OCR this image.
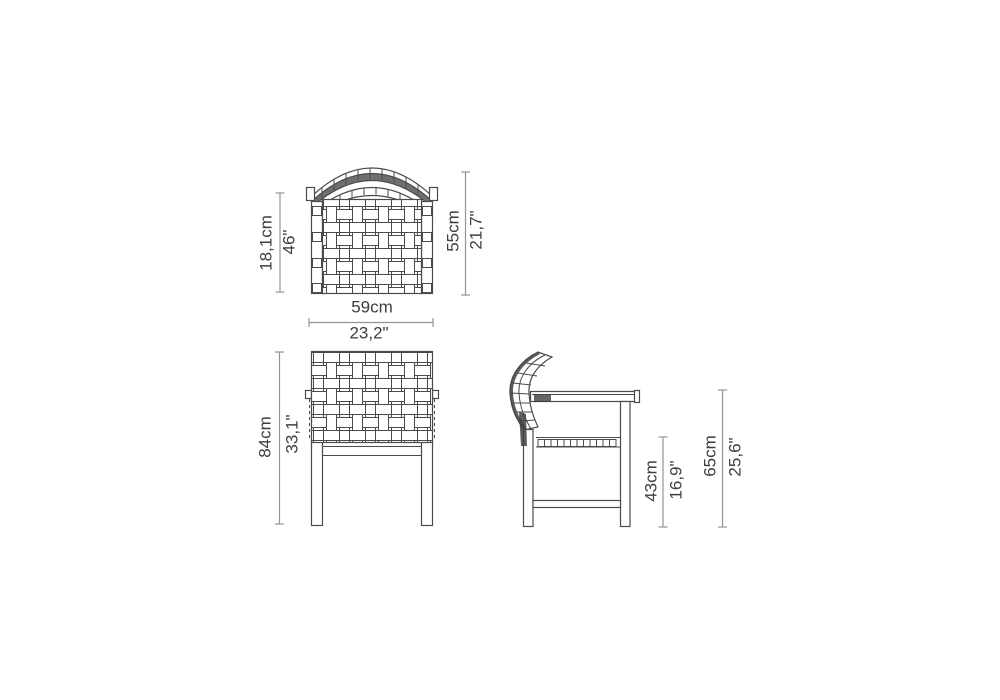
18,1cm 46"	55cm 21,7"
59cm
23,2"
84cm 33,1"
43cm 16,9"
65cm 25,6"
